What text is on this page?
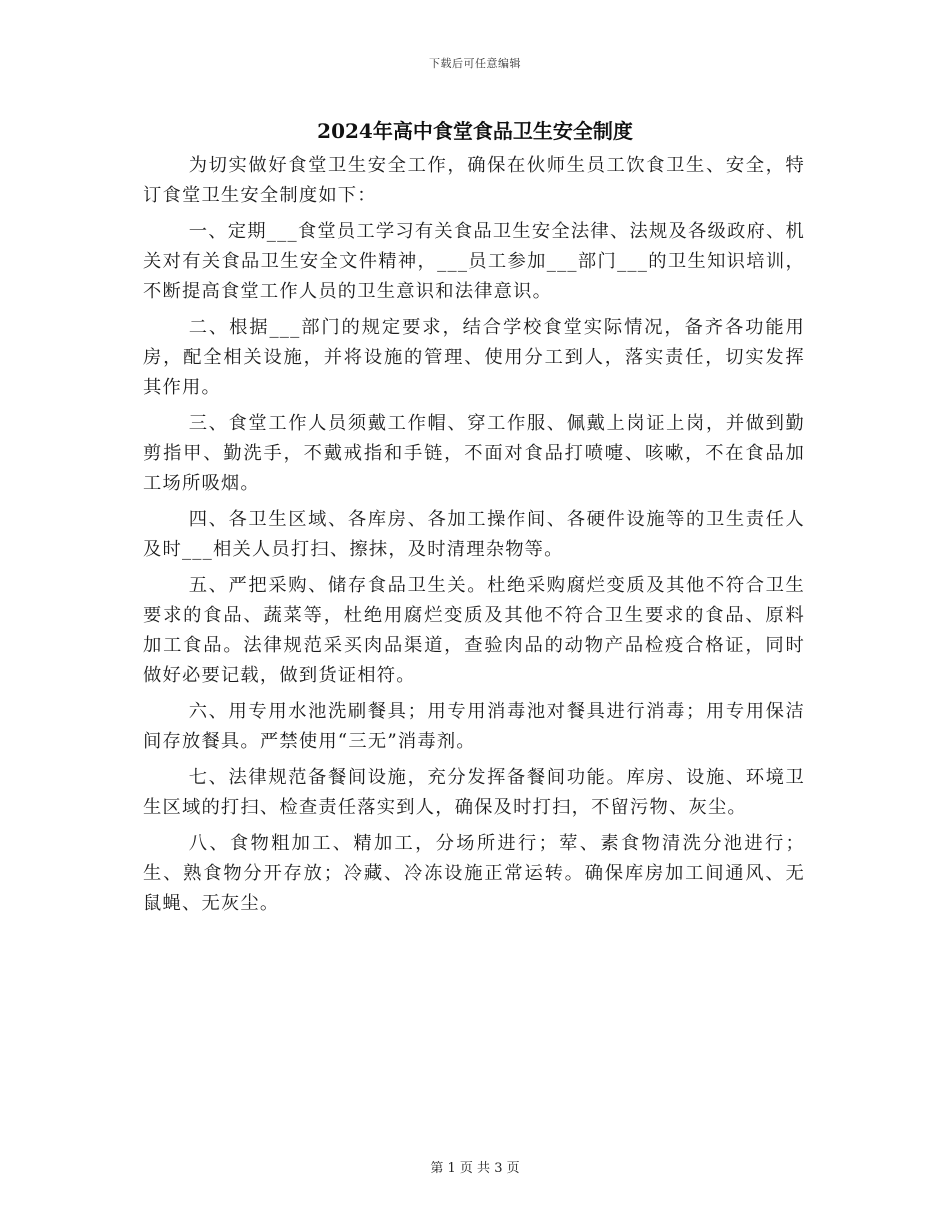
下载后可任意编辑
2024年高中食堂食品卫生安全制度

为切实做好食堂卫生安全工作，确保在伙师生员工饮食卫生、安全，特订食堂卫生安全制度如下：

一、定期___食堂员工学习有关食品卫生安全法律、法规及各级政府、机关对有关食品卫生安全文件精神，___员工参加___部门___的卫生知识培训，不断提高食堂工作人员的卫生意识和法律意识。

二、根据___部门的规定要求，结合学校食堂实际情况，备齐各功能用房，配全相关设施，并将设施的管理、使用分工到人，落实责任，切实发挥其作用。

三、食堂工作人员须戴工作帽、穿工作服、佩戴上岗证上岗，并做到勤剪指甲、勤洗手，不戴戒指和手链，不面对食品打喷嚏、咳嗽，不在食品加工场所吸烟。

四、各卫生区域、各库房、各加工操作间、各硬件设施等的卫生责任人及时___相关人员打扫、擦抹，及时清理杂物等。

五、严把采购、储存食品卫生关。杜绝采购腐烂变质及其他不符合卫生要求的食品、蔬菜等，杜绝用腐烂变质及其他不符合卫生要求的食品、原料加工食品。法律规范采买肉品渠道，查验肉品的动物产品检疫合格证，同时做好必要记载，做到货证相符。

六、用专用水池洗刷餐具；用专用消毒池对餐具进行消毒；用专用保洁间存放餐具。严禁使用“三无”消毒剂。

七、法律规范备餐间设施，充分发挥备餐间功能。库房、设施、环境卫生区域的打扫、检查责任落实到人，确保及时打扫，不留污物、灰尘。

八、食物粗加工、精加工，分场所进行；荤、素食物清洗分池进行；生、熟食物分开存放；冷藏、冷冻设施正常运转。确保库房加工间通风、无鼠蝇、无灰尘。

第 1 页 共 3 页
